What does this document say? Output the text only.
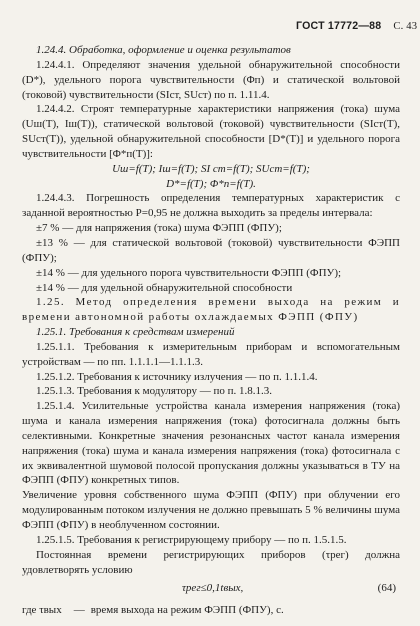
ГОСТ 17772—88 С. 43

1.24.4. Обработка, оформление и оценка результатов

1.24.4.1. Определяют значения удельной обнаружительной способности (D*), удельного порога чувствительности (Φп) и статической вольтовой (токовой) чувствительности (SIст, SUст) по п. 1.11.4.

1.24.4.2. Строят температурные характеристики напряжения (тока) шума (Uш(T), Iш(T)), статической вольтовой (токовой) чувствительности (SIст(T), SUст(T)), удельной обнаружительной способности [D*(T)] и удельного порога чувствительности [Φ*п(T)]:

Uш=f(T); Iш=f(T); SI ст=f(T); SUст=f(T);

D*=f(T); Φ*п=f(T).

1.24.4.3. Погрешность определения температурных характеристик с заданной вероятностью P=0,95 не должна выходить за пределы интервала:

±7 % — для напряжения (тока) шума ФЭПП (ФПУ);

±13 % — для статической вольтовой (токовой) чувствительности ФЭПП (ФПУ);

±14 % — для удельного порога чувствительности ФЭПП (ФПУ);

±14 % — для удельной обнаружительной способности

1.25. Метод определения времени выхода на режим и времени автономной работы охлаждаемых ФЭПП (ФПУ)

1.25.1. Требования к средствам измерений

1.25.1.1. Требования к измерительным приборам и вспомогательным устройствам — по пп. 1.1.1.1—1.1.1.3.

1.25.1.2. Требования к источнику излучения — по п. 1.1.1.4.

1.25.1.3. Требования к модулятору — по п. 1.8.1.3.

1.25.1.4. Усилительные устройства канала измерения напряжения (тока) шума и канала измерения напряжения (тока) фотосигнала должны быть селективными. Конкретные значения резонансных частот канала измерения напряжения (тока) шума и канала измерения напряжения (тока) фотосигнала с их эквивалентной шумовой полосой пропускания должны указываться в ТУ на ФЭПП (ФПУ) конкретных типов.

Увеличение уровня собственного шума ФЭПП (ФПУ) при облучении его модулированным потоком излучения не должно превышать 5 % величины шума ФЭПП (ФПУ) в необлученном состоянии.

1.25.1.5. Требования к регистрирующему прибору — по п. 1.5.1.5.

Постоянная времени регистрирующих приборов (τрег) должна удовлетворять условию

τрег≤0,1tвых,	(64)

где τвых — время выхода на режим ФЭПП (ФПУ), с.
